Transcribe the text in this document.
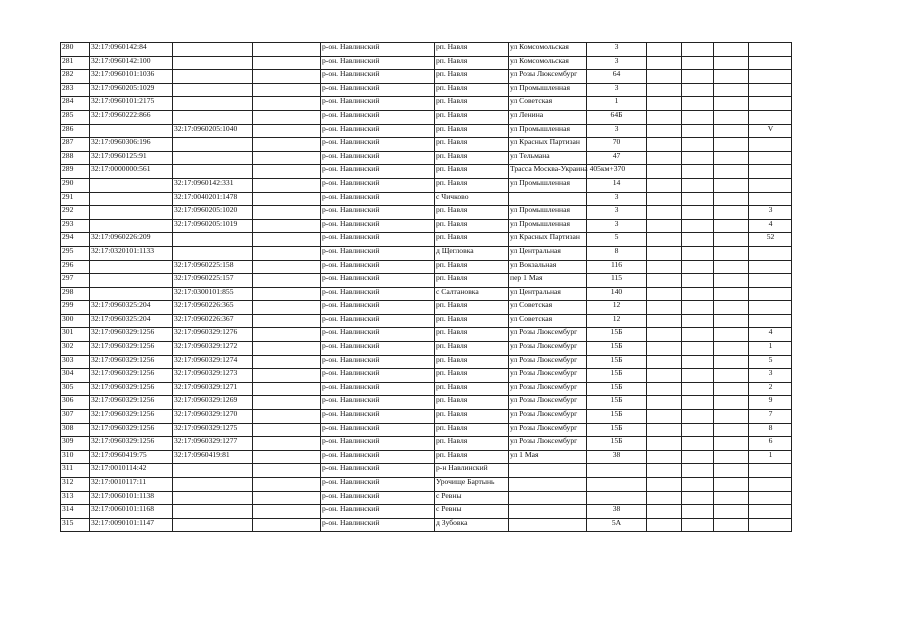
280	32:17:0960142:84			р-он. Навлинский	рп. Навля	ул Комсомольская	3				
281	32:17:0960142:100			р-он. Навлинский	рп. Навля	ул Комсомольская	3				
282	32:17:0960101:1036			р-он. Навлинский	рп. Навля	ул Розы Люксембург	64				
283	32:17:0960205:1029			р-он. Навлинский	рп. Навля	ул Промышленная	3				
284	32:17:0960101:2175			р-он. Навлинский	рп. Навля	ул Советская	1				
285	32:17:0960222:866			р-он. Навлинский	рп. Навля	ул Ленина	64Б				
286		32:17:0960205:1040		р-он. Навлинский	рп. Навля	ул Промышленная	3				V
287	32:17:0960306:196			р-он. Навлинский	рп. Навля	ул Красных Партизан	70				
288	32:17:0960125:91			р-он. Навлинский	рп. Навля	ул Тельмана	47				
289	32:17:0000000:561			р-он. Навлинский	рп. Навля	Трасса Москва-Украина 405км+370					
290		32:17:0960142:331		р-он. Навлинский	рп. Навля	ул Промышленная	14				
291		32:17:0040201:1478		р-он. Навлинский	с Чичково		3				
292		32:17:0960205:1020		р-он. Навлинский	рп. Навля	ул Промышленная	3				3
293		32:17:0960205:1019		р-он. Навлинский	рп. Навля	ул Промышленная	3				4
294	32:17:0960226:209			р-он. Навлинский	рп. Навля	ул Красных Партизан	5				52
295	32:17:0320101:1133			р-он. Навлинский	д Щегловка	ул Центральная	8				
296		32:17:0960225:158		р-он. Навлинский	рп. Навля	ул Вокзальная	116				
297		32:17:0960225:157		р-он. Навлинский	рп. Навля	пер 1 Мая	115				
298		32:17:0300101:855		р-он. Навлинский	с Салтановка	ул Центральная	140				
299	32:17:0960325:204	32:17:0960226:365		р-он. Навлинский	рп. Навля	ул Советская	12				
300	32:17:0960325:204	32:17:0960226:367		р-он. Навлинский	рп. Навля	ул Советская	12				
301	32:17:0960329:1256	32:17:0960329:1276		р-он. Навлинский	рп. Навля	ул Розы Люксембург	15Б				4
302	32:17:0960329:1256	32:17:0960329:1272		р-он. Навлинский	рп. Навля	ул Розы Люксембург	15Б				1
303	32:17:0960329:1256	32:17:0960329:1274		р-он. Навлинский	рп. Навля	ул Розы Люксембург	15Б				5
304	32:17:0960329:1256	32:17:0960329:1273		р-он. Навлинский	рп. Навля	ул Розы Люксембург	15Б				3
305	32:17:0960329:1256	32:17:0960329:1271		р-он. Навлинский	рп. Навля	ул Розы Люксембург	15Б				2
306	32:17:0960329:1256	32:17:0960329:1269		р-он. Навлинский	рп. Навля	ул Розы Люксембург	15Б				9
307	32:17:0960329:1256	32:17:0960329:1270		р-он. Навлинский	рп. Навля	ул Розы Люксембург	15Б				7
308	32:17:0960329:1256	32:17:0960329:1275		р-он. Навлинский	рп. Навля	ул Розы Люксембург	15Б				8
309	32:17:0960329:1256	32:17:0960329:1277		р-он. Навлинский	рп. Навля	ул Розы Люксембург	15Б				6
310	32:17:0960419:75	32:17:0960419:81		р-он. Навлинский	рп. Навля	ул 1 Мая	38				1
311	32:17:0010114:42			р-он. Навлинский	р-н Навлинский						
312	32:17:0010117:11			р-он. Навлинский	Урочище Бартынь						
313	32:17:0060101:1138			р-он. Навлинский	с Ревны						
314	32:17:0060101:1168			р-он. Навлинский	с Ревны		38				
315	32:17:0090101:1147			р-он. Навлинский	д Зубовка		5А				
